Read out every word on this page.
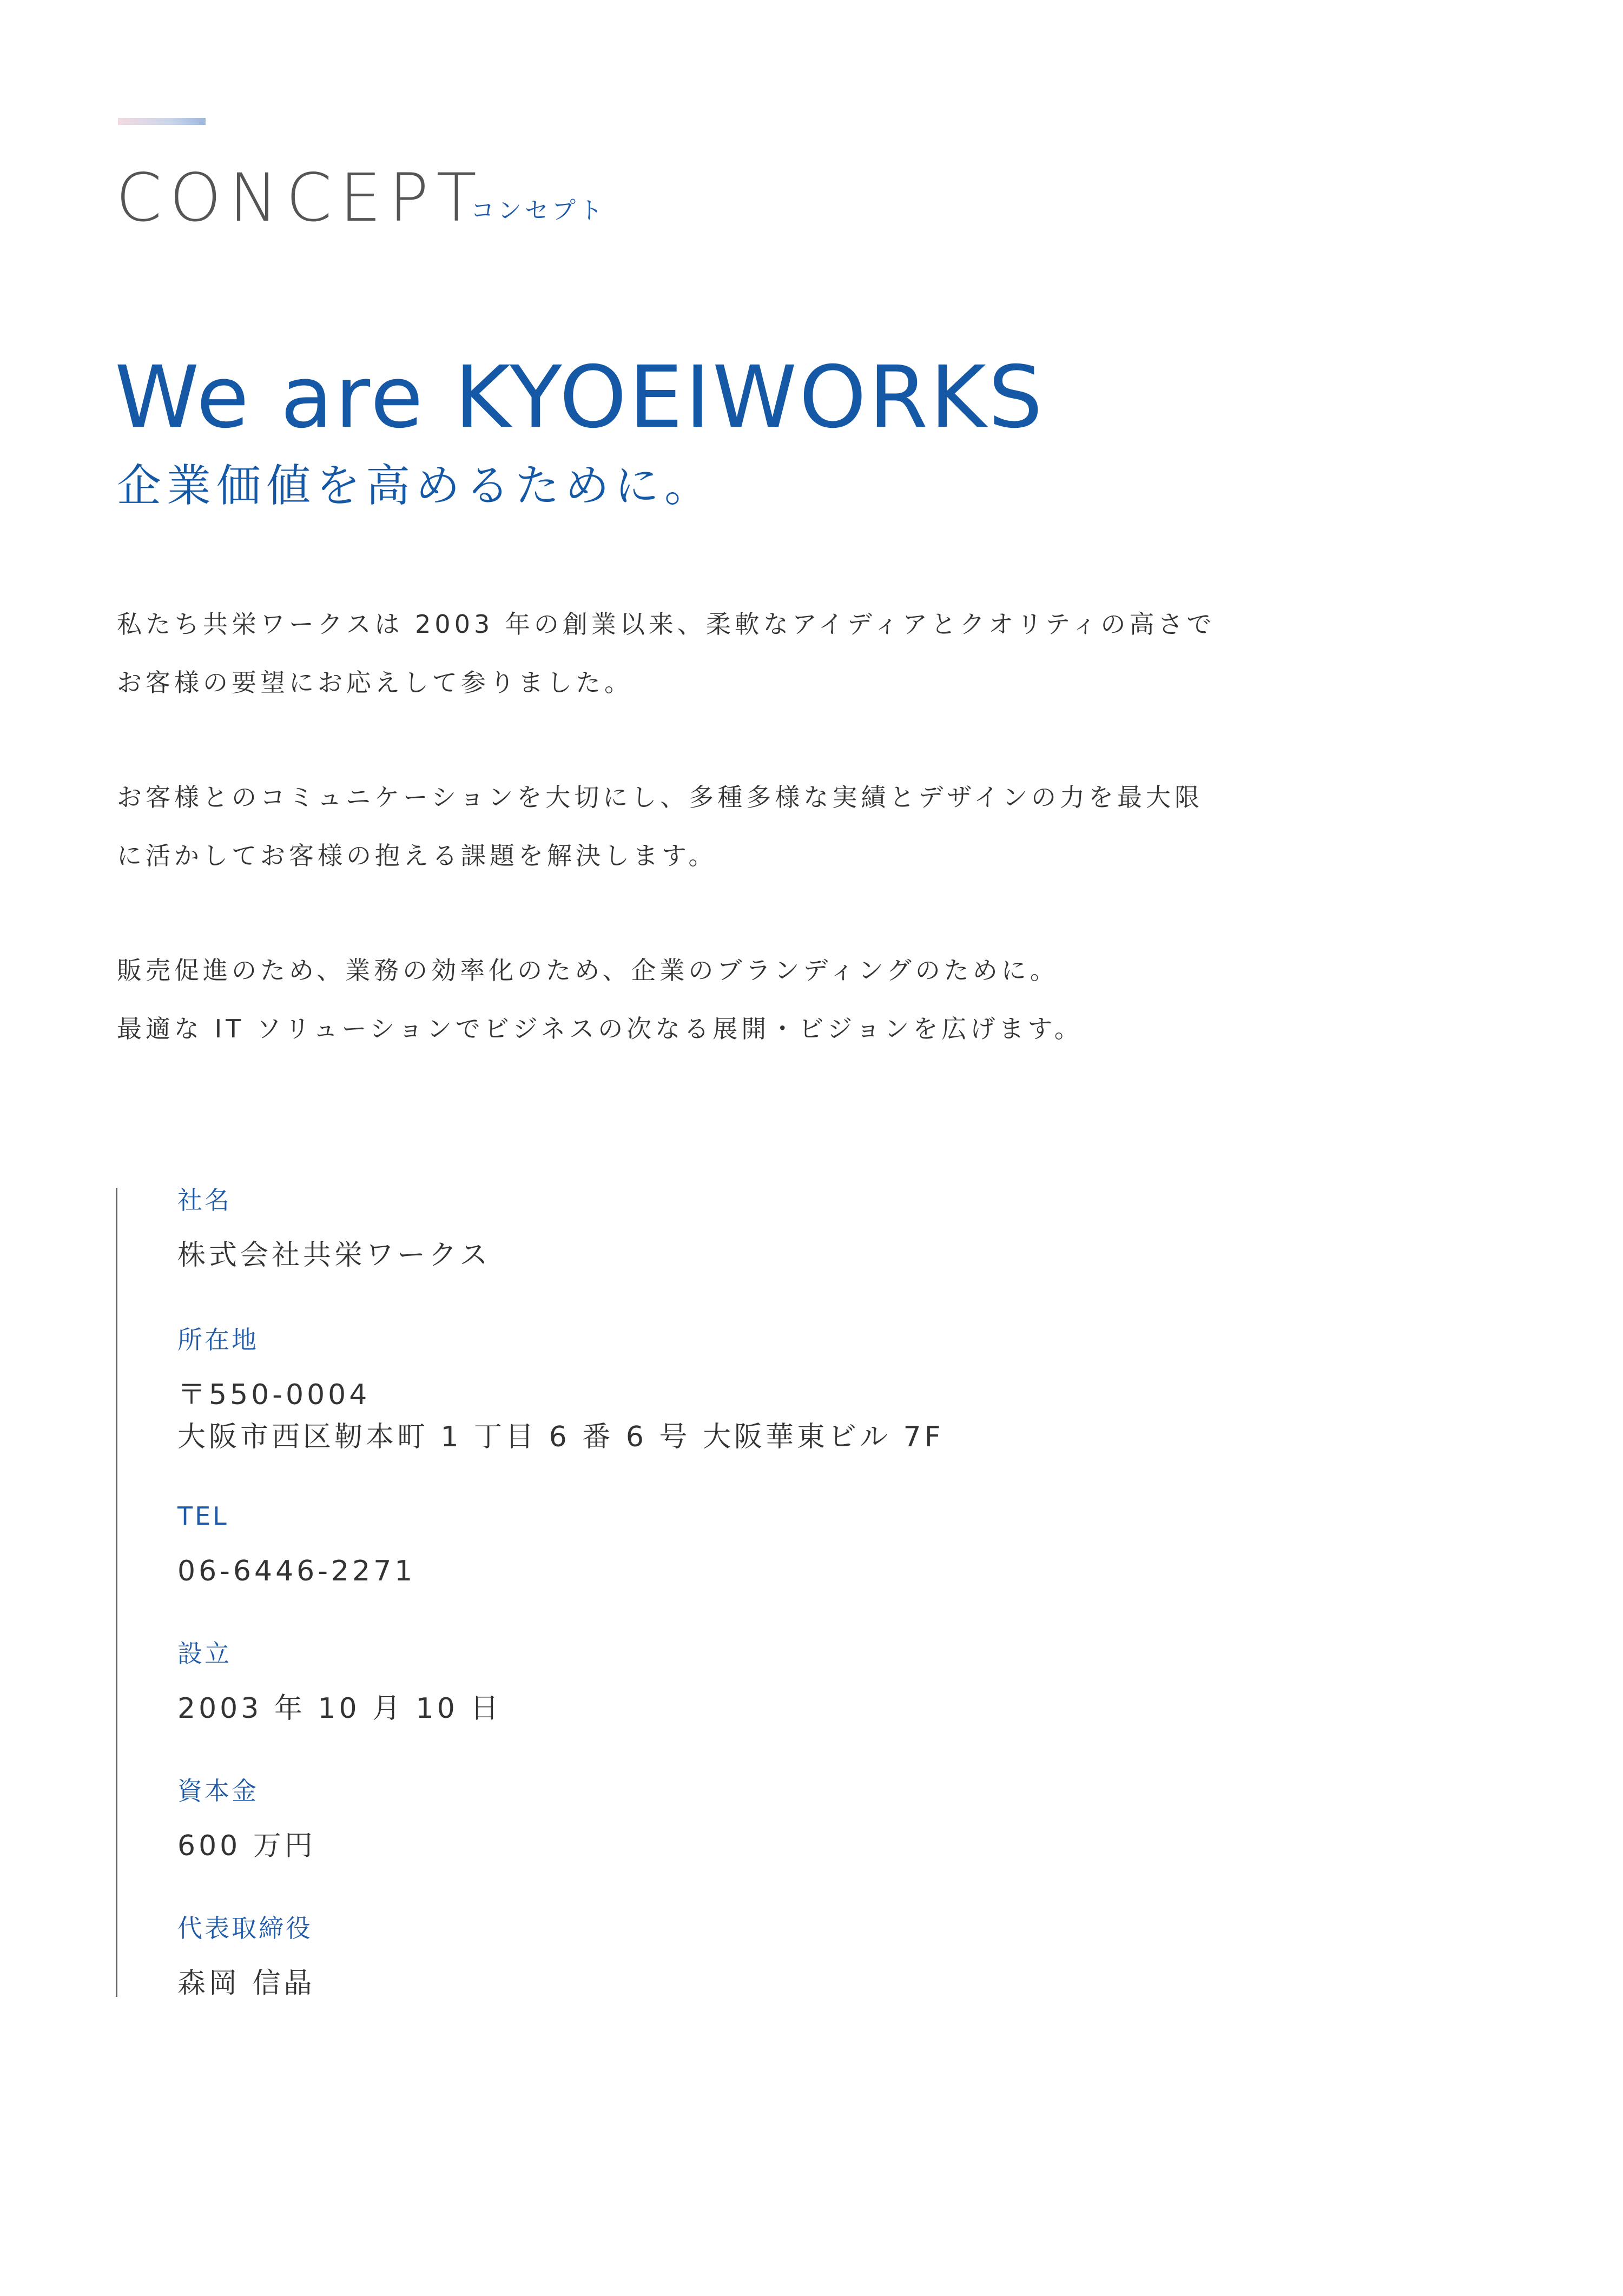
CONCEPT
コンセプト
We are KYOEIWORKS
企業価値を高めるために。

私たち共栄ワークスは 2003 年の創業以来、柔軟なアイディアとクオリティの高さで
お客様の要望にお応えして参りました。

お客様とのコミュニケーションを大切にし、多種多様な実績とデザインの力を最大限
に活かしてお客様の抱える課題を解決します。

販売促進のため、業務の効率化のため、企業のブランディングのために。
最適な IT ソリューションでビジネスの次なる展開・ビジョンを広げます。

社名
株式会社共栄ワークス
所在地
〒550-0004
大阪市西区靭本町 1 丁目 6 番 6 号 大阪華東ビル 7F
TEL
06-6446-2271
設立
2003 年 10 月 10 日
資本金
600 万円
代表取締役
森岡 信晶
